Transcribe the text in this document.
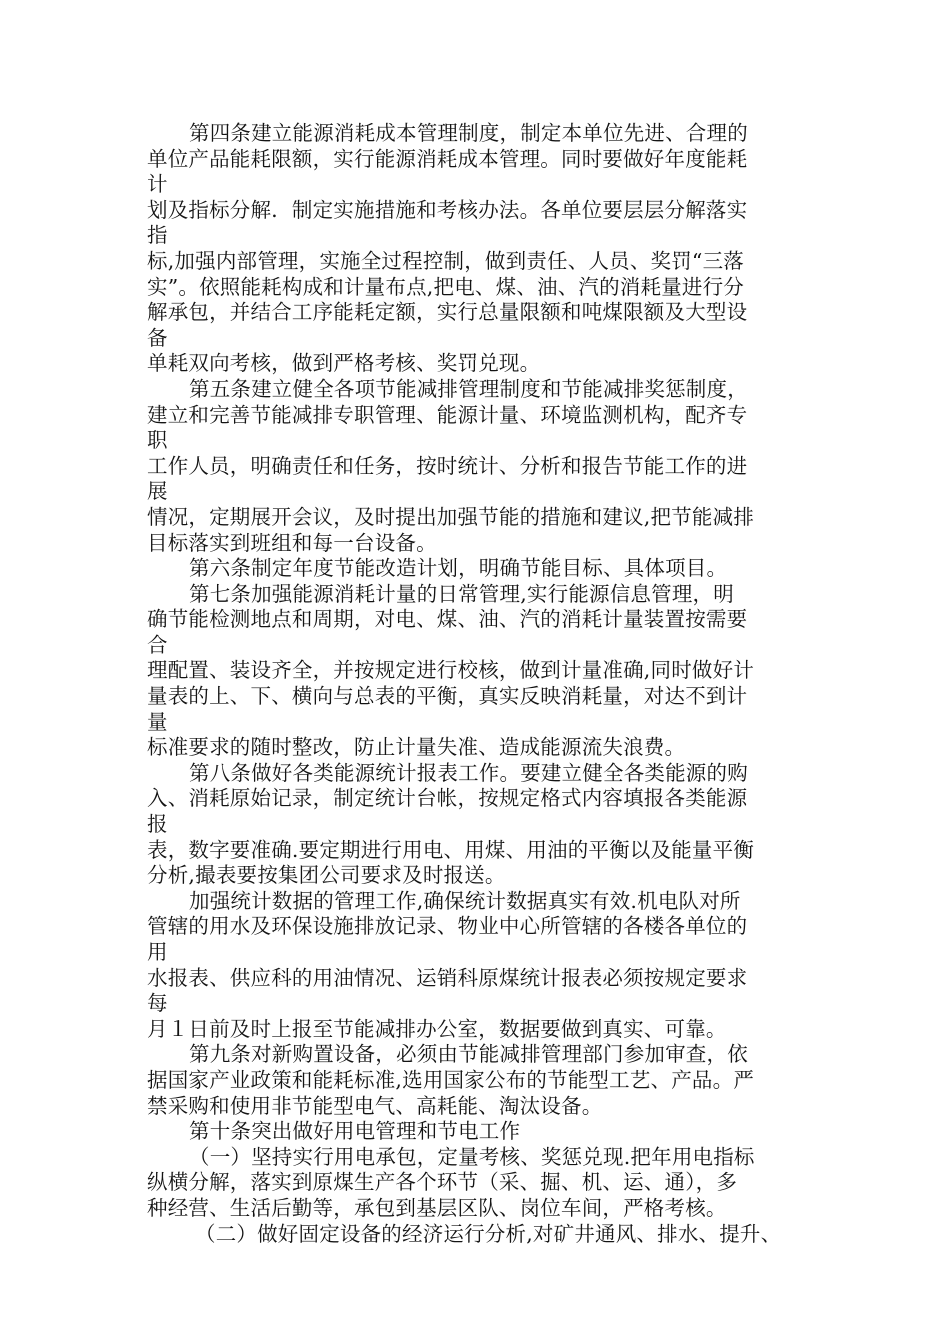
第四条建立能源消耗成本管理制度，制定本单位先进、合理的
单位产品能耗限额，实行能源消耗成本管理。同时要做好年度能耗
计
划及指标分解．制定实施措施和考核办法。各单位要层层分解落实
指
标,加强内部管理，实施全过程控制，做到责任、人员、奖罚“三落
实”。依照能耗构成和计量布点,把电、煤、油、汽的消耗量进行分
解承包，并结合工序能耗定额，实行总量限额和吨煤限额及大型设
备
单耗双向考核，做到严格考核、奖罚兑现。
第五条建立健全各项节能减排管理制度和节能减排奖惩制度，
建立和完善节能减排专职管理、能源计量、环境监测机构，配齐专
职
工作人员，明确责任和任务，按时统计、分析和报告节能工作的进
展
情况，定期展开会议，及时提出加强节能的措施和建议,把节能减排
目标落实到班组和每一台设备。
第六条制定年度节能改造计划，明确节能目标、具体项目。
第七条加强能源消耗计量的日常管理,实行能源信息管理，明
确节能检测地点和周期，对电、煤、油、汽的消耗计量装置按需要
合
理配置、装设齐全，并按规定进行校核，做到计量准确,同时做好计
量表的上、下、横向与总表的平衡，真实反映消耗量，对达不到计
量
标准要求的随时整改，防止计量失准、造成能源流失浪费。
第八条做好各类能源统计报表工作。要建立健全各类能源的购
入、消耗原始记录，制定统计台帐，按规定格式内容填报各类能源
报
表，数字要准确.要定期进行用电、用煤、用油的平衡以及能量平衡
分析,撮表要按集团公司要求及时报送。
加强统计数据的管理工作,确保统计数据真实有效.机电队对所
管辖的用水及环保设施排放记录、物业中心所管辖的各楼各单位的
用
水报表、供应科的用油情况、运销科原煤统计报表必须按规定要求
每
月１日前及时上报至节能减排办公室，数据要做到真实、可靠。
第九条对新购置设备，必须由节能减排管理部门参加审查，依
据国家产业政策和能耗标准,选用国家公布的节能型工艺、产品。严
禁采购和使用非节能型电气、高耗能、淘汰设备。
第十条突出做好用电管理和节电工作
（一）坚持实行用电承包，定量考核、奖惩兑现.把年用电指标
纵横分解，落实到原煤生产各个环节（采、掘、机、运、通），多
种经营、生活后勤等，承包到基层区队、岗位车间，严格考核。
（二）做好固定设备的经济运行分析,对矿井通风、排水、提升、
